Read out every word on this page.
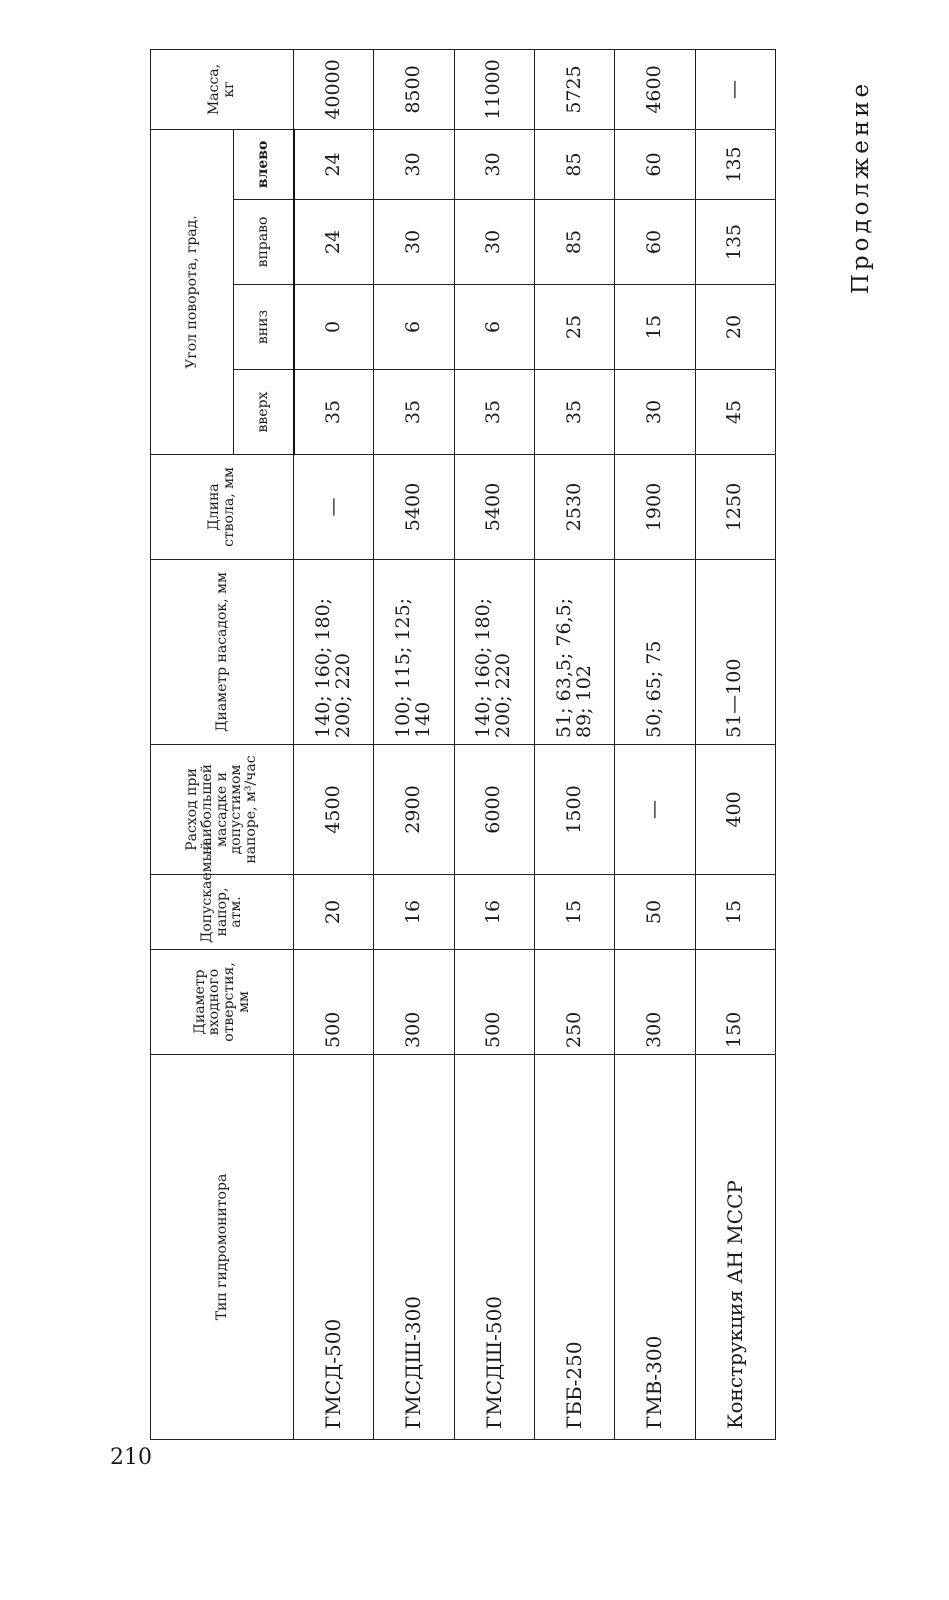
Продолжение
Тип гидромонитора	Диаметр входного отверстия, мм	Допускаемый напор, атм.	Расход при наибольшей масадке и допустимом напоре, м³/час	Диаметр насадок, мм	Длина ствола, мм	Угол поворота, град.				Масса, кг
						вверх	вниз	вправо	влево	
ГМСД-500	500	20	4500	140; 160; 180; 200; 220	—	35	0	24	24	40000
ГМСДШ-300	300	16	2900	100; 115; 125; 140	5400	35	6	30	30	8500
ГМСДШ-500	500	16	6000	140; 160; 180; 200; 220	5400	35	6	30	30	11000
ГББ-250	250	15	1500	51; 63,5; 76,5; 89; 102	2530	35	25	85	85	5725
ГМВ-300	300	50	—	50; 65; 75	1900	30	15	60	60	4600
Конструкция АН МССР	150	15	400	51—100	1250	45	20	135	135	—
210
